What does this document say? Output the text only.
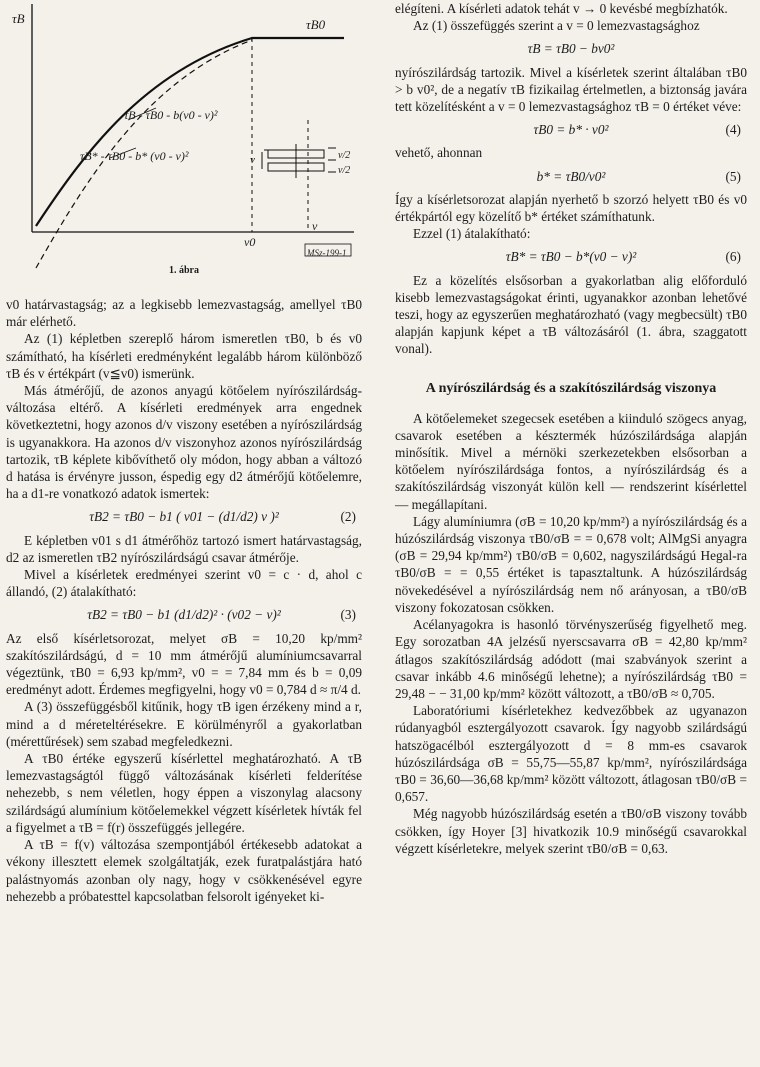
τB	τB0
τB - τB0 - b(v0 - v)²
τB* - τB0 - b* (v0 - v)²	v	v/2
v/2
v0
v
MSz-199-1
1. ábra

v0 határvastagság; az a legkisebb lemezvastagság, amellyel τB0 már elérhető.

Az (1) képletben szereplő három ismeretlen τB0, b és v0 számítható, ha kísérleti eredményként legalább három különböző τB és v értékpárt (v≦v0) ismerünk.

Más átmérőjű, de azonos anyagú kötőelem nyírószilárdság-változása eltérő. A kísérleti eredmények arra engednek következtetni, hogy azonos d/v viszony esetében a nyírószilárdság is ugyanakkora. Ha azonos d/v viszonyhoz azonos nyírószilárdság tartozik, τB képlete kibővíthető oly módon, hogy abban a változó d hatása is érvényre jusson, éspedig egy d2 átmérőjű kötőelemre, ha a d1-re vonatkozó adatok ismertek:

τB2 = τB0 − b1 ( v01 − (d1/d2) v )²	(2)

E képletben v01 s d1 átmérőhöz tartozó ismert határvastagság, d2 az ismeretlen τB2 nyírószilárdságú csavar átmérője.

Mivel a kísérletek eredményei szerint v0 = c · d, ahol c állandó, (2) átalakítható:

τB2 = τB0 − b1 (d1/d2)² · (v02 − v)²	(3)

Az első kísérletsorozat, melyet σB = 10,20 kp/mm² szakítószilárdságú, d = 10 mm átmérőjű alumíniumcsavarral végeztünk, τB0 = 6,93 kp/mm², v0 = = 7,84 mm és b = 0,09 eredményt adott. Érdemes megfigyelni, hogy v0 = 0,784 d ≈ π/4 d.

A (3) összefüggésből kitűnik, hogy τB igen érzékeny mind a r, mind a d méreteltérésekre. E körülményről a gyakorlatban (mérettűrések) sem szabad megfeledkezni.

A τB0 értéke egyszerű kísérlettel meghatározható. A τB lemezvastagságtól függő változásának kísérleti felderítése nehezebb, s nem véletlen, hogy éppen a viszonylag alacsony szilárdságú alumínium kötőelemekkel végzett kísérletek hívták fel a figyelmet a τB = f(r) összefüggés jellegére.

A τB = f(v) változása szempontjából értékesebb adatokat a vékony illesztett elemek szolgáltatják, ezek furatpalástjára ható palástnyomás azonban oly nagy, hogy v csökkenésével egyre nehezebb a próbatesttel kapcsolatban felsorolt igényeket ki-

elégíteni. A kísérleti adatok tehát v → 0 kevésbé megbízhatók.

Az (1) összefüggés szerint a v = 0 lemezvastagsághoz

τB = τB0 − bv0²

nyírószilárdság tartozik. Mivel a kísérletek szerint általában τB0 > b v0², de a negatív τB fizikailag értelmetlen, a biztonság javára tett közelítésként a v = 0 lemezvastagsághoz τB = 0 értéket véve:

τB0 = b* · v0²	(4)

vehető, ahonnan

b* = τB0/v0²	(5)

Így a kísérletsorozat alapján nyerhető b szorzó helyett τB0 és v0 értékpártól egy közelítő b* értéket számíthatunk.

Ezzel (1) átalakítható:

τB* = τB0 − b*(v0 − v)²	(6)

Ez a közelítés elsősorban a gyakorlatban alig előforduló kisebb lemezvastagságokat érinti, ugyanakkor azonban lehetővé teszi, hogy az egyszerűen meghatározható (vagy megbecsült) τB0 alapján kapjunk képet a τB változásáról (1. ábra, szaggatott vonal).

A nyírószilárdság és a szakítószilárdság viszonya

A kötőelemeket szegecsek esetében a kiinduló szögecs anyag, csavarok esetében a késztermék húzószilárdsága alapján minősítik. Mivel a mérnöki szerkezetekben elsősorban a kötőelem nyírószilárdsága fontos, a nyírószilárdság és a szakítószilárdság viszonyát külön kell — rendszerint kísérlettel — megállapítani.

Lágy alumíniumra (σB = 10,20 kp/mm²) a nyírószilárdság és a húzószilárdság viszonya τB0/σB = = 0,678 volt; AlMgSi anyagra (σB = 29,94 kp/mm²) τB0/σB = 0,602, nagyszilárdságú Hegal-ra τB0/σB = = 0,55 értéket is tapasztaltunk. A húzószilárdság növekedésével a nyírószilárdság nem nő arányosan, a τB0/σB viszony fokozatosan csökken.

Acélanyagokra is hasonló törvényszerűség figyelhető meg. Egy sorozatban 4A jelzésű nyerscsavarra σB = 42,80 kp/mm² átlagos szakítószilárdság adódott (mai szabványok szerint a csavar inkább 4.6 minőségű lehetne); a nyírószilárdság τB0 = 29,48 − − 31,00 kp/mm² között változott, a τB0/σB ≈ 0,705.

Laboratóriumi kísérletekhez kedvezőbbek az ugyanazon rúdanyagból esztergályozott csavarok. Így nagyobb szilárdságú hatszögacélból esztergályozott d = 8 mm-es csavarok húzószilárdsága σB = 55,75—55,87 kp/mm², nyírószilárdsága τB0 = 36,60—36,68 kp/mm² között változott, átlagosan τB0/σB = 0,657.

Még nagyobb húzószilárdság esetén a τB0/σB viszony tovább csökken, így Hoyer [3] hivatkozik 10.9 minőségű csavarokkal végzett kísérletekre, melyek szerint τB0/σB = 0,63.
